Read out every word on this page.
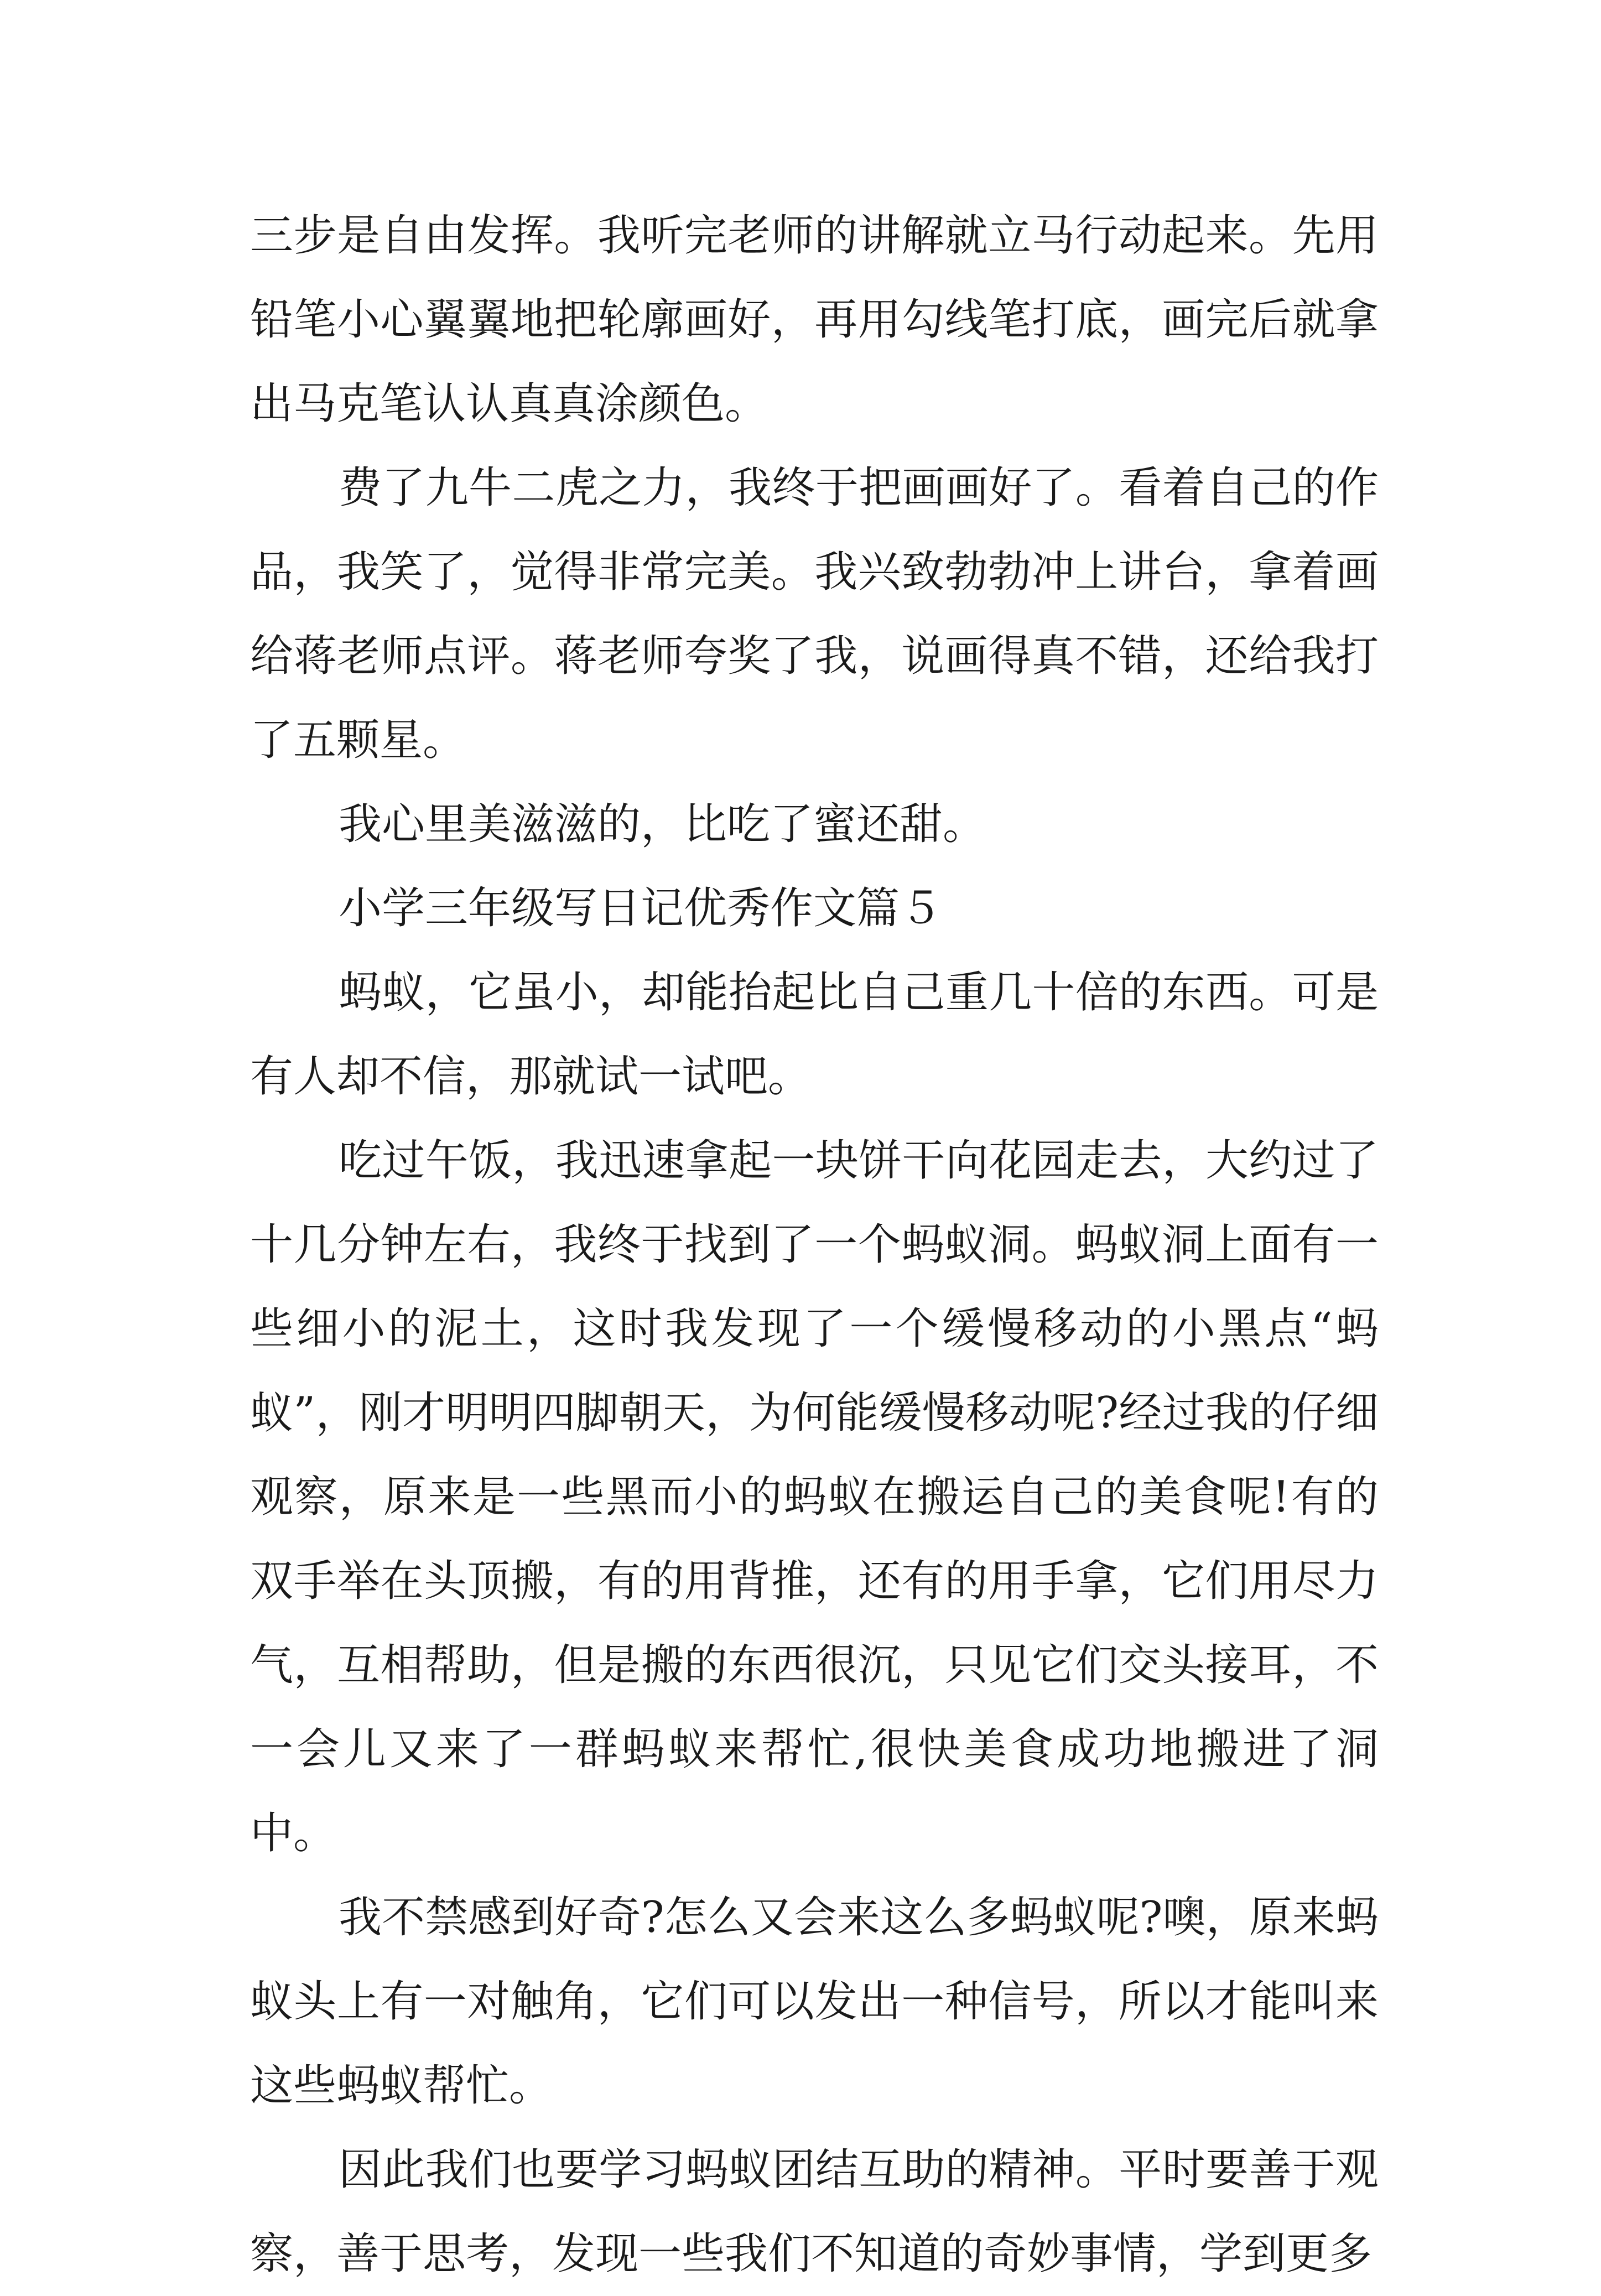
三步是自由发挥。我听完老师的讲解就立马行动起来。先用铅笔小心翼翼地把轮廓画好，再用勾线笔打底，画完后就拿出马克笔认认真真涂颜色。

费了九牛二虎之力，我终于把画画好了。看着自己的作品，我笑了，觉得非常完美。我兴致勃勃冲上讲台，拿着画给蒋老师点评。蒋老师夸奖了我，说画得真不错，还给我打了五颗星。

我心里美滋滋的，比吃了蜜还甜。

小学三年级写日记优秀作文篇５

蚂蚁，它虽小，却能抬起比自己重几十倍的东西。可是有人却不信，那就试一试吧。

吃过午饭，我迅速拿起一块饼干向花园走去，大约过了十几分钟左右，我终于找到了一个蚂蚁洞。蚂蚁洞上面有一些细小的泥土，这时我发现了一个缓慢移动的小黑点“蚂蚁”，刚才明明四脚朝天，为何能缓慢移动呢?经过我的仔细观察，原来是一些黑而小的蚂蚁在搬运自己的美食呢!有的双手举在头顶搬，有的用背推，还有的用手拿，它们用尽力气，互相帮助，但是搬的东西很沉，只见它们交头接耳，不一会儿又来了一群蚂蚁来帮忙,很快美食成功地搬进了洞中。

我不禁感到好奇?怎么又会来这么多蚂蚁呢?噢，原来蚂蚁头上有一对触角，它们可以发出一种信号，所以才能叫来这些蚂蚁帮忙。

因此我们也要学习蚂蚁团结互助的精神。平时要善于观察，善于思考，发现一些我们不知道的奇妙事情，学到更多
